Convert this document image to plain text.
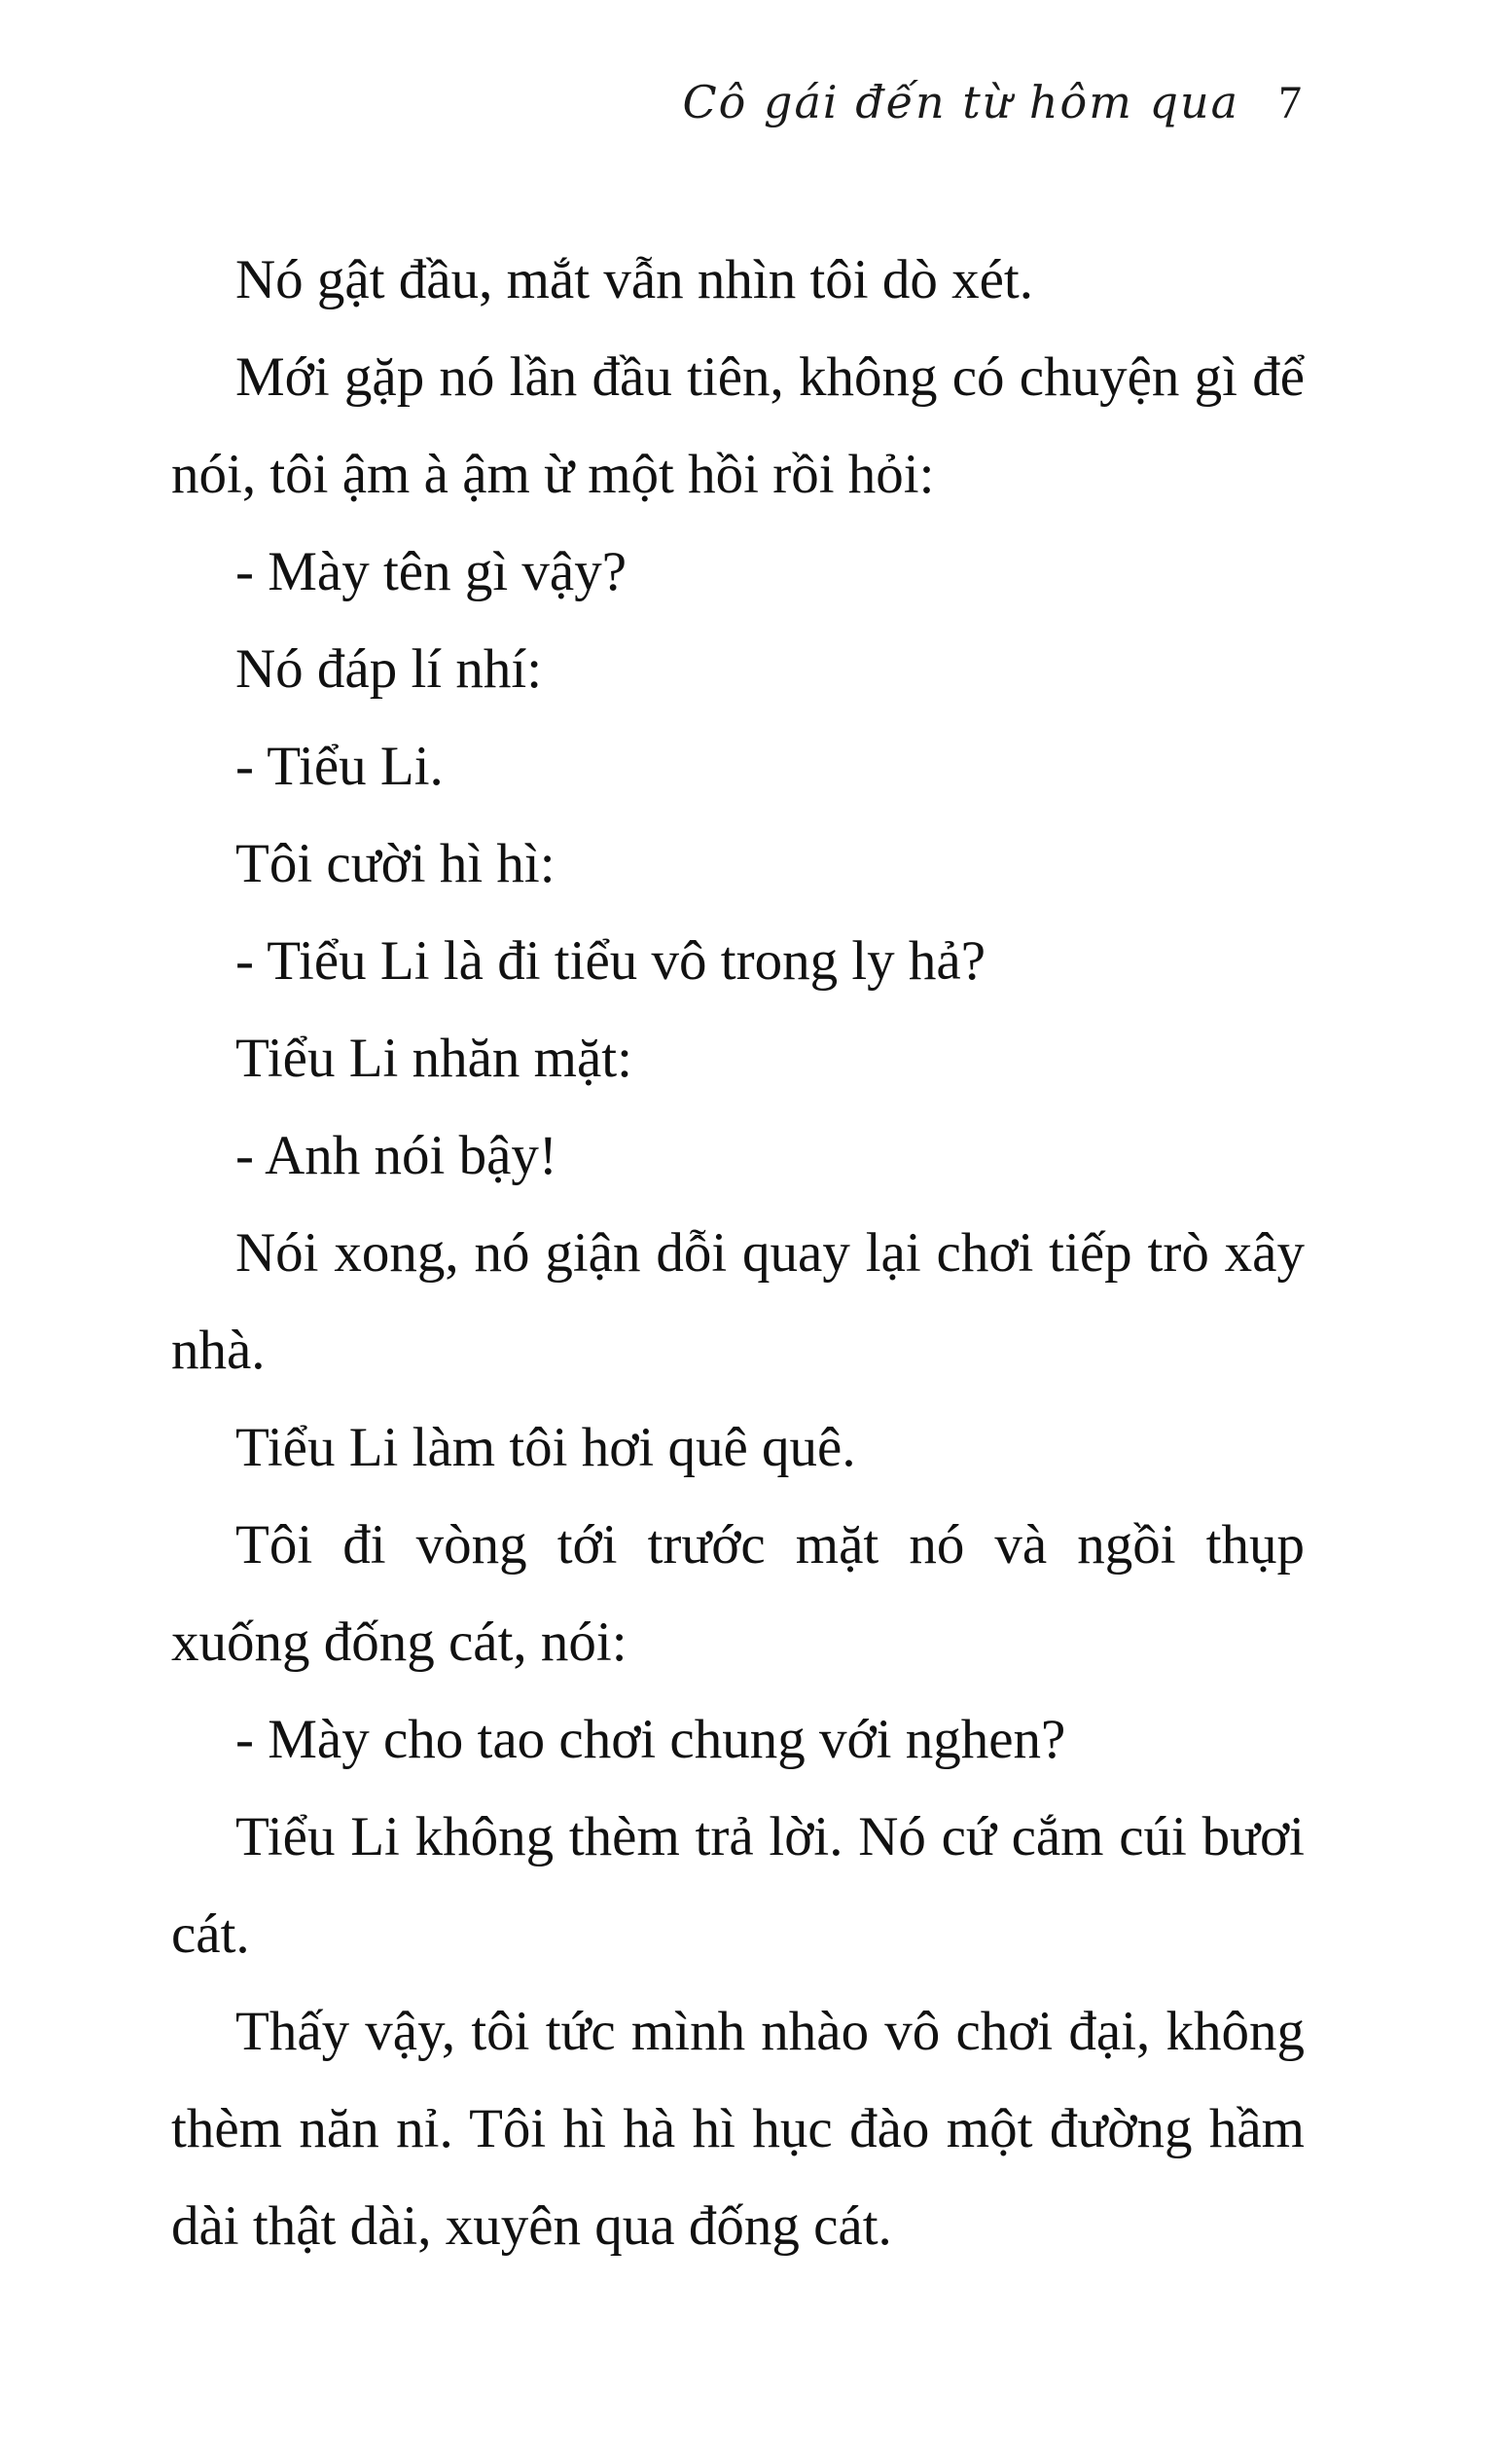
Cô gái đến từ hôm qua 7

Nó gật đầu, mắt vẫn nhìn tôi dò xét.

Mới gặp nó lần đầu tiên, không có chuyện gì để nói, tôi ậm à ậm ừ một hồi rồi hỏi:

- Mày tên gì vậy?

Nó đáp lí nhí:

- Tiểu Li.

Tôi cười hì hì:

- Tiểu Li là đi tiểu vô trong ly hả?

Tiểu Li nhăn mặt:

- Anh nói bậy!

Nói xong, nó giận dỗi quay lại chơi tiếp trò xây nhà.

Tiểu Li làm tôi hơi quê quê.

Tôi đi vòng tới trước mặt nó và ngồi thụp xuống đống cát, nói:

- Mày cho tao chơi chung với nghen?

Tiểu Li không thèm trả lời. Nó cứ cắm cúi bươi cát.

Thấy vậy, tôi tức mình nhào vô chơi đại, không thèm năn nỉ. Tôi hì hà hì hục đào một đường hầm dài thật dài, xuyên qua đống cát.
